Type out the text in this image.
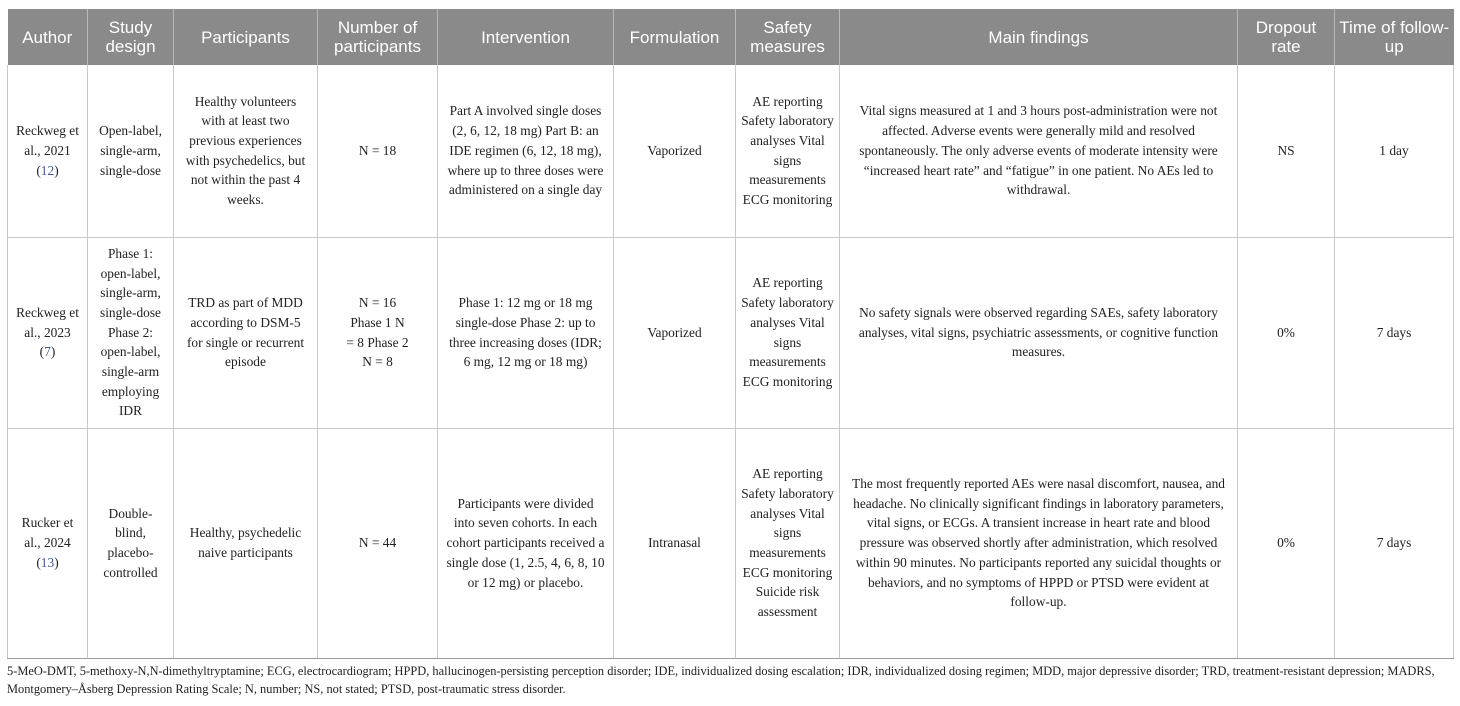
Author	Study design	Participants	Number of participants	Intervention	Formulation	Safety measures	Main findings	Dropout rate	Time of follow-up
Reckweg et al., 2021 (12)	Open-label, single-arm, single-dose	Healthy volunteers with at least two previous experiences with psychedelics, but not within the past 4 weeks.	N = 18	Part A involved single doses (2, 6, 12, 18 mg) Part B: an IDE regimen (6, 12, 18 mg), where up to three doses were administered on a single day	Vaporized	AE reporting Safety laboratory analyses Vital signs measurements ECG monitoring	Vital signs measured at 1 and 3 hours post-administration were not affected. Adverse events were generally mild and resolved spontaneously. The only adverse events of moderate intensity were “increased heart rate” and “fatigue” in one patient. No AEs led to withdrawal.	NS	1 day
Reckweg et al., 2023 (7)	Phase 1: open-label, single-arm, single-dose Phase 2: open-label, single-arm employing IDR	TRD as part of MDD according to DSM-5 for single or recurrent episode	N = 16 Phase 1 N = 8 Phase 2 N = 8	Phase 1: 12 mg or 18 mg single-dose Phase 2: up to three increasing doses (IDR; 6 mg, 12 mg or 18 mg)	Vaporized	AE reporting Safety laboratory analyses Vital signs measurements ECG monitoring	No safety signals were observed regarding SAEs, safety laboratory analyses, vital signs, psychiatric assessments, or cognitive function measures.	0%	7 days
Rucker et al., 2024 (13)	Double-blind, placebo-controlled	Healthy, psychedelic naive participants	N = 44	Participants were divided into seven cohorts. In each cohort participants received a single dose (1, 2.5, 4, 6, 8, 10 or 12 mg) or placebo.	Intranasal	AE reporting Safety laboratory analyses Vital signs measurements ECG monitoring Suicide risk assessment	The most frequently reported AEs were nasal discomfort, nausea, and headache. No clinically significant findings in laboratory parameters, vital signs, or ECGs. A transient increase in heart rate and blood pressure was observed shortly after administration, which resolved within 90 minutes. No participants reported any suicidal thoughts or behaviors, and no symptoms of HPPD or PTSD were evident at follow-up.	0%	7 days
5-MeO-DMT, 5-methoxy-N,N-dimethyltryptamine; ECG, electrocardiogram; HPPD, hallucinogen-persisting perception disorder; IDE, individualized dosing escalation; IDR, individualized dosing regimen; MDD, major depressive disorder; TRD, treatment-resistant depression; MADRS, Montgomery–Åsberg Depression Rating Scale; N, number; NS, not stated; PTSD, post-traumatic stress disorder.
